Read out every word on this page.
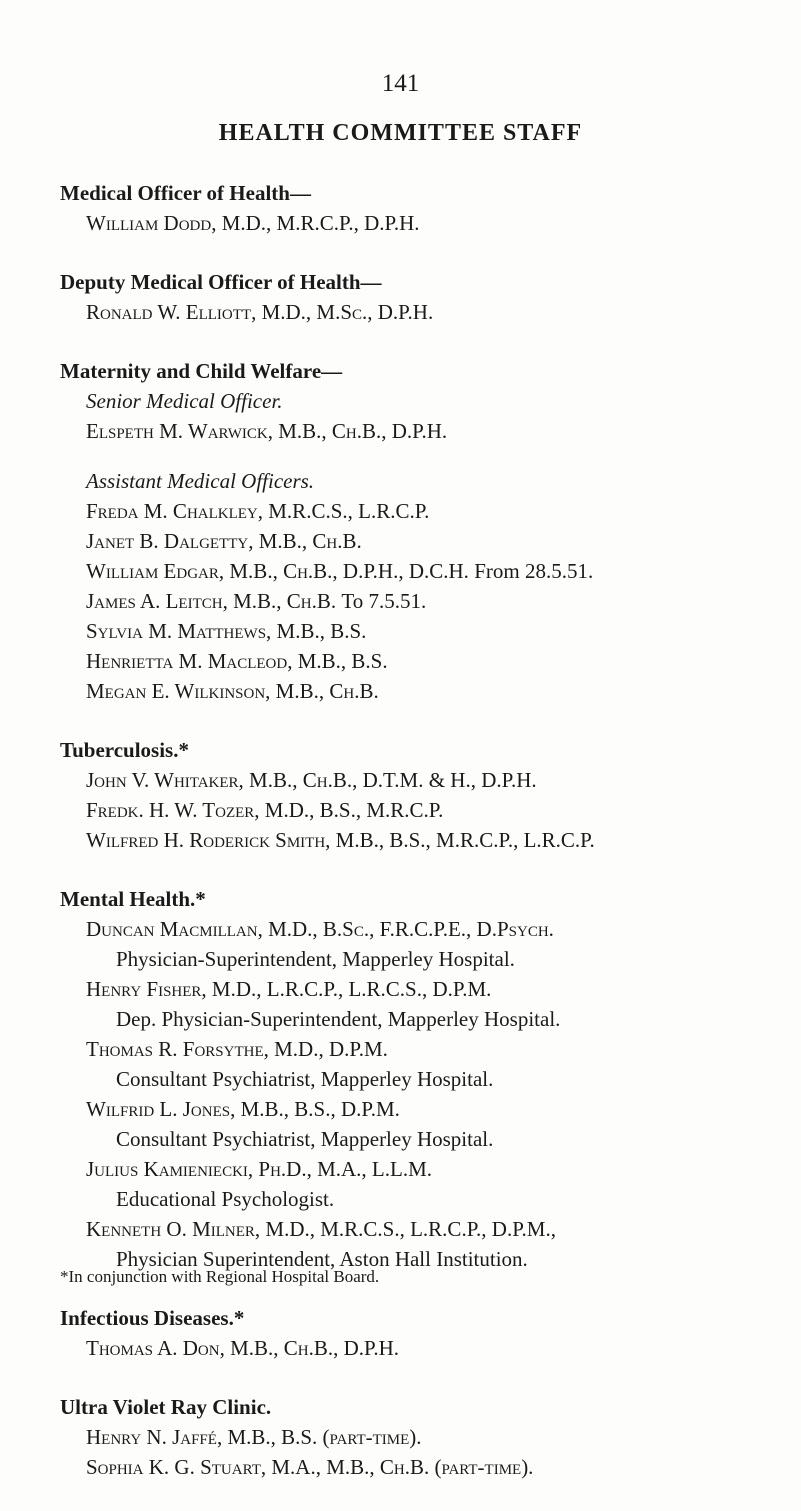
141
HEALTH COMMITTEE STAFF
Medical Officer of Health—
William Dodd, M.D., M.R.C.P., D.P.H.
Deputy Medical Officer of Health—
Ronald W. Elliott, M.D., M.Sc., D.P.H.
Maternity and Child Welfare—
Senior Medical Officer.
Elspeth M. Warwick, M.B., Ch.B., D.P.H.
Assistant Medical Officers.
Freda M. Chalkley, M.R.C.S., L.R.C.P.
Janet B. Dalgetty, M.B., Ch.B.
William Edgar, M.B., Ch.B., D.P.H., D.C.H. From 28.5.51.
James A. Leitch, M.B., Ch.B. To 7.5.51.
Sylvia M. Matthews, M.B., B.S.
Henrietta M. Macleod, M.B., B.S.
Megan E. Wilkinson, M.B., Ch.B.
Tuberculosis.*
John V. Whitaker, M.B., Ch.B., D.T.M. & H., D.P.H.
Fredk. H. W. Tozer, M.D., B.S., M.R.C.P.
Wilfred H. Roderick Smith, M.B., B.S., M.R.C.P., L.R.C.P.
Mental Health.*
Duncan Macmillan, M.D., B.Sc., F.R.C.P.E., D.Psych.
Physician-Superintendent, Mapperley Hospital.
Henry Fisher, M.D., L.R.C.P., L.R.C.S., D.P.M.
Dep. Physician-Superintendent, Mapperley Hospital.
Thomas R. Forsythe, M.D., D.P.M.
Consultant Psychiatrist, Mapperley Hospital.
Wilfrid L. Jones, M.B., B.S., D.P.M.
Consultant Psychiatrist, Mapperley Hospital.
Julius Kamieniecki, Ph.D., M.A., L.L.M.
Educational Psychologist.
Kenneth O. Milner, M.D., M.R.C.S., L.R.C.P., D.P.M.,
Physician Superintendent, Aston Hall Institution.
Infectious Diseases.*
Thomas A. Don, M.B., Ch.B., D.P.H.
Ultra Violet Ray Clinic.
Henry N. Jaffé, M.B., B.S. (part-time).
Sophia K. G. Stuart, M.A., M.B., Ch.B. (part-time).
*In conjunction with Regional Hospital Board.
